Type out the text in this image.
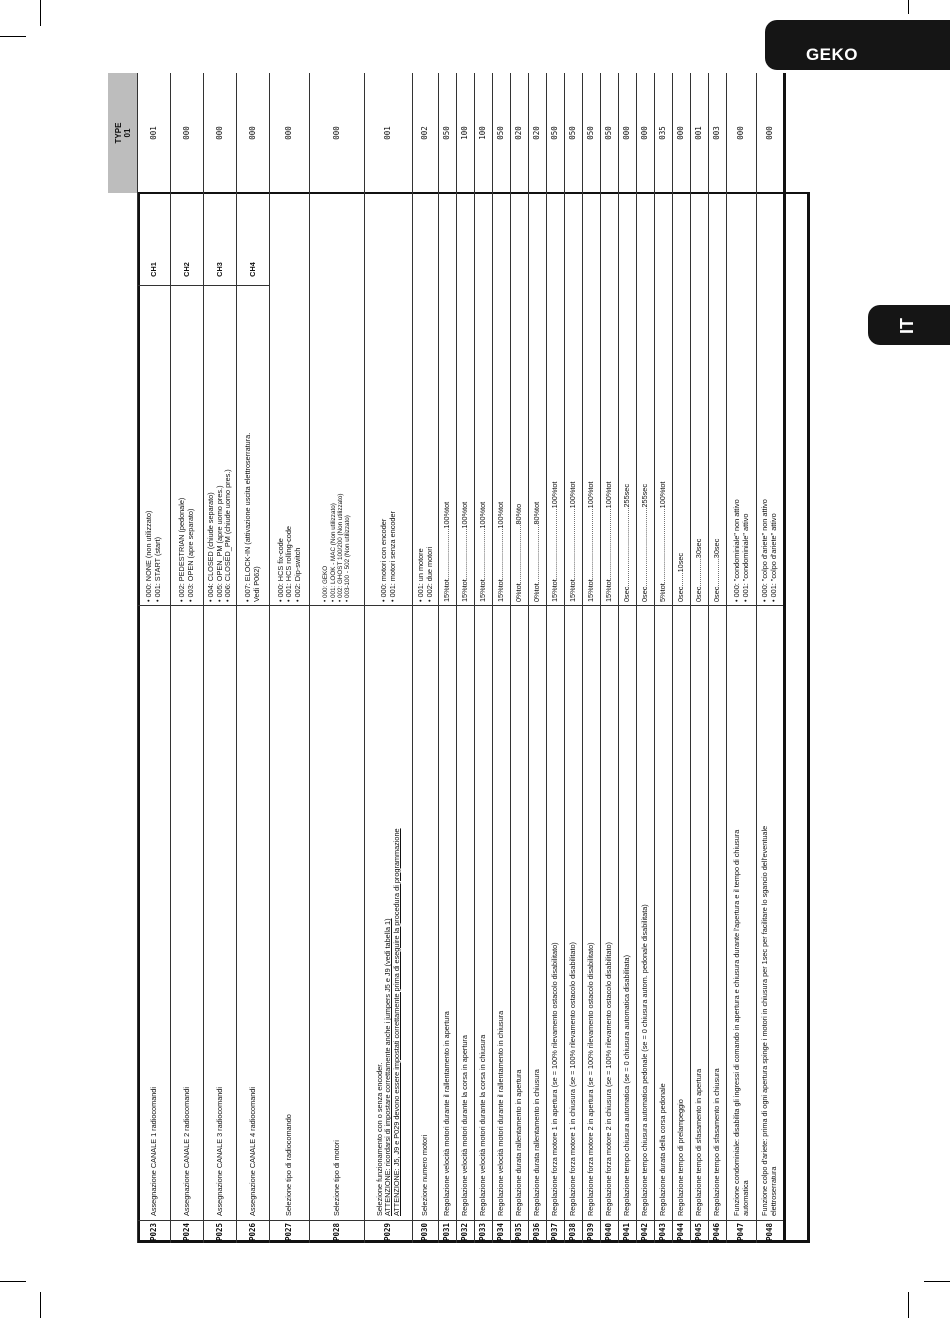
GEKO
IT
TYPE 01
P023
Assegnazione CANALE 1 radiocomandi
• 000: NONE (non utilizzato) • 001: START (start)
CH1
001
P024
Assegnazione CANALE 2 radiocomandi
• 002: PEDESTRIAN (pedonale) • 003: OPEN (apre separato)
CH2
000
P025
Assegnazione CANALE 3 radiocomandi
• 004: CLOSED (chiude separato) • 005: OPEN_PM (apre uomo pres.) • 006: CLOSED_PM (chiude uomo pres.)
CH3
000
P026
Assegnazione CANALE 4 radiocomandi
• 007: ELOCK-IN (attivazione uscita elettroserratura. Vedi P062)
CH4
000
P027
Selezione tipo di radiocomando
• 000: HCS fix-code • 001: HCS rolling-code • 002: Dip-switch
000
P028
Selezione tipo di motori
• 000: GEKO • 001: LOOK - MAC (Non utilizzato) • 002: GHOST 100/200 (Non utilizzato) • 003-100 - 502 (Non utilizzato)
000
P029
Selezione funzionamento con o senza encoder. ATTENZIONE: ricordarsi di impostare correttamente anche i jumpers J5 e J9 (vedi tabella 1) ATTENZIONE: J5, J9 e P029 devono essere impostati correttamente prima di eseguire la procedura di programmazione
• 000: motori con encoder • 001: motori senza encoder
001
P030
Selezione numero motori
• 001: un motore • 002: due motori
002
P031
Regolazione velocità motori durante il rallentamento in apertura
15%tot.........................100%tot
050
P032
Regolazione velocità motori durante la corsa in apertura
15%tot.........................100%tot
100
P033
Regolazione velocità motori durante la corsa in chiusura
15%tot.........................100%tot
100
P034
Regolazione velocità motori durante il rallentamento in chiusura
15%tot.........................100%tot
050
P035
Regolazione durata rallentamento in apertura
0%tot.............................80%to
020
P036
Regolazione durata rallentamento in chiusura
0%tot.............................80%tot
020
P037
Regolazione forza motore 1 in apertura (se = 100% rilevamento ostacolo disabilitato)
15%tot...................................100%tot
050
P038
Regolazione forza motore 1 in chiusura (se = 100% rilevamento ostacolo disabilitato)
15%tot...................................100%tot
050
P039
Regolazione forza motore 2 in apertura (se = 100% rilevamento ostacolo disabilitato)
15%tot...................................100%tot
050
P040
Regolazione forza motore 2 in chiusura (se = 100% rilevamento ostacolo disabilitato)
15%tot...................................100%tot
050
P041
Regolazione tempo chiusura automatica (se = 0 chiusura automatica disabilitata)
0sec.......................................255sec
000
P042
Regolazione tempo chiusura automatica pedonale (se = 0 chiusura autom. pedonale disabilitata)
0sec.......................................255sec
000
P043
Regolazione durata della corsa pedonale
5%tot.....................................100%tot
035
P044
Regolazione tempo di prelampeggio
0sec.......10sec
000
P045
Regolazione tempo di sfasamento in apertura
0sec..............30sec
001
P046
Regolazione tempo di sfasamento in chiusura
0sec..............30sec
003
P047
Funzione condominiale: disabilita gli ingressi di comando in apertura e chiusura durante l'apertura e il tempo di chiusura automatica
• 000: "condominiale" non attivo • 001: "condominiale" attivo
000
P048
Funzione colpo d'ariete: prima di ogni apertura spinge i motori in chiusura per 1sec per facilitare lo sgancio dell'eventuale elettroserratura
• 000: "colpo d'ariete" non attivo • 001: "colpo d'ariete" attivo
000
